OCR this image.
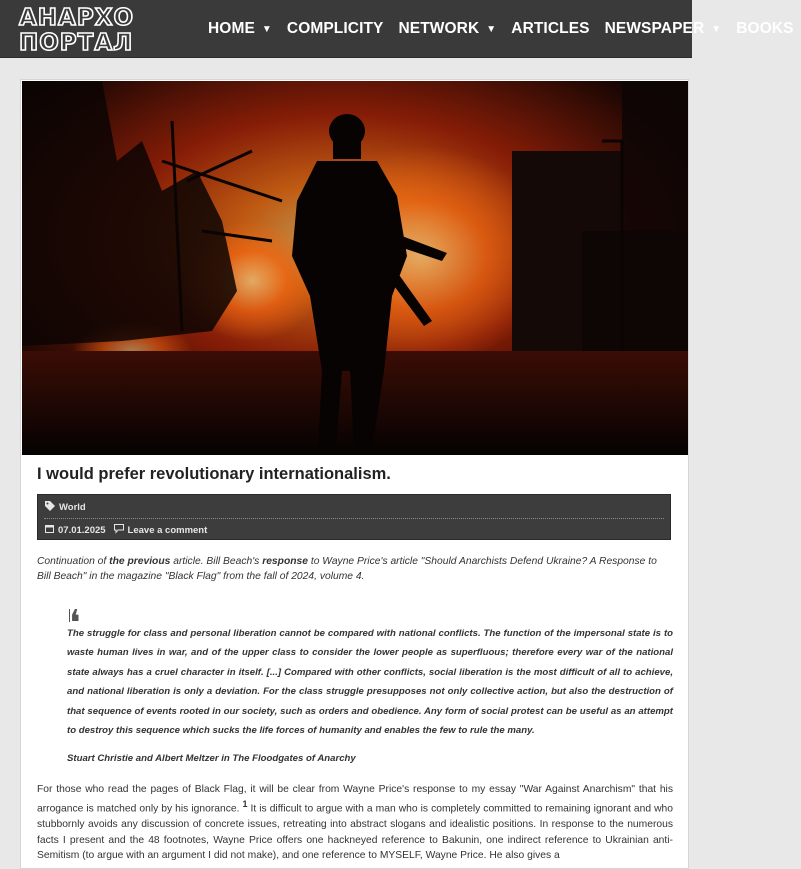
АНАРХО
ПОРТАЛ
HOME ▼ COMPLICITY NETWORK ▼ ARTICLES NEWSPAPER ▼ BOOKS
I would prefer revolutionary internationalism.
World
07.01.2025 Leave a comment
Continuation of the previous article. Bill Beach's response to Wayne Price's article "Should Anarchists Defend Ukraine? A Response to Bill Beach" in the magazine "Black Flag" from the fall of 2024, volume 4.
❛
The struggle for class and personal liberation cannot be compared with national conflicts. The function of the impersonal state is to waste human lives in war, and of the upper class to consider the lower people as superfluous; therefore every war of the national state always has a cruel character in itself. [...] Compared with other conflicts, social liberation is the most difficult of all to achieve, and national liberation is only a deviation. For the class struggle presupposes not only collective action, but also the destruction of that sequence of events rooted in our society, such as orders and obedience. Any form of social protest can be useful as an attempt to destroy this sequence which sucks the life forces of humanity and enables the few to rule the many.
Stuart Christie and Albert Meltzer in The Floodgates of Anarchy
For those who read the pages of Black Flag, it will be clear from Wayne Price's response to my essay "War Against Anarchism" that his arrogance is matched only by his ignorance. $^1$ It is difficult to argue with a man who is completely committed to remaining ignorant and who stubbornly avoids any discussion of concrete issues, retreating into abstract slogans and idealistic positions. In response to the numerous facts I present and the 48 footnotes, Wayne Price offers one hackneyed reference to Bakunin, one indirect reference to Ukrainian anti-Semitism (to argue with an argument I did not make), and one reference to MYSELF, Wayne Price. He also gives a
